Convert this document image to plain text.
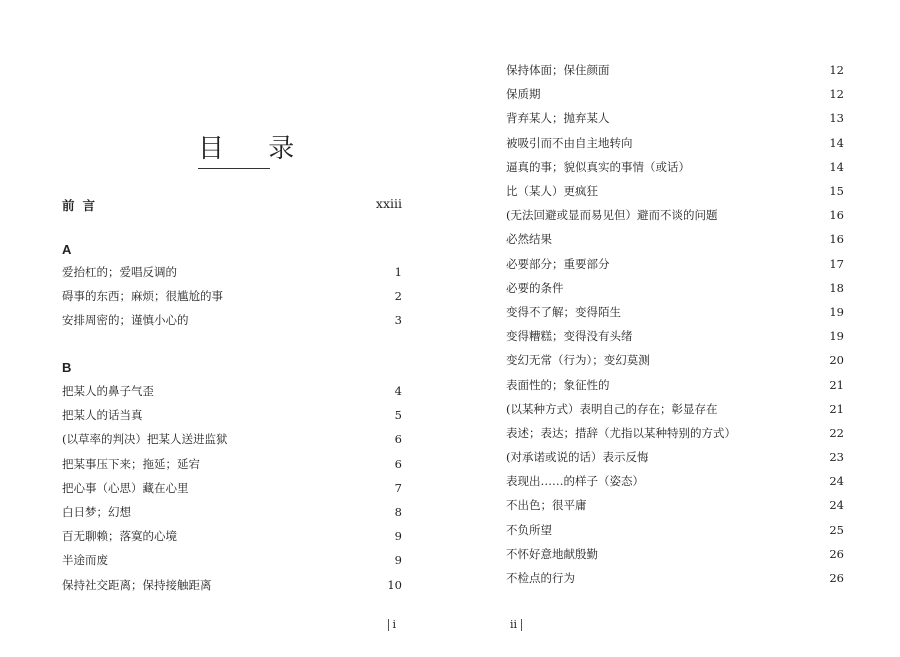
目 录
前言	xxiii
A
爱抬杠的；爱唱反调的	1
碍事的东西；麻烦；很尴尬的事	2
安排周密的；谨慎小心的	3
B
把某人的鼻子气歪	4
把某人的话当真	5
(以草率的判决）把某人送进监狱	6
把某事压下来；拖延；延宕	6
把心事（心思）藏在心里	7
白日梦；幻想	8
百无聊赖；落寞的心境	9
半途而废	9
保持社交距离；保持接触距离	10
i
保持体面；保住颜面	12
保质期	12
背弃某人；抛弃某人	13
被吸引而不由自主地转向	14
逼真的事；貌似真实的事情（或话）	14
比（某人）更疯狂	15
(无法回避或显而易见但）避而不谈的问题	16
必然结果	16
必要部分；重要部分	17
必要的条件	18
变得不了解；变得陌生	19
变得糟糕；变得没有头绪	19
变幻无常（行为）；变幻莫测	20
表面性的；象征性的	21
(以某种方式）表明自己的存在；彰显存在	21
表述；表达；措辞（尤指以某种特别的方式）	22
(对承诺或说的话）表示反悔	23
表现出……的样子（姿态）	24
不出色；很平庸	24
不负所望	25
不怀好意地献殷勤	26
不检点的行为	26
ii
